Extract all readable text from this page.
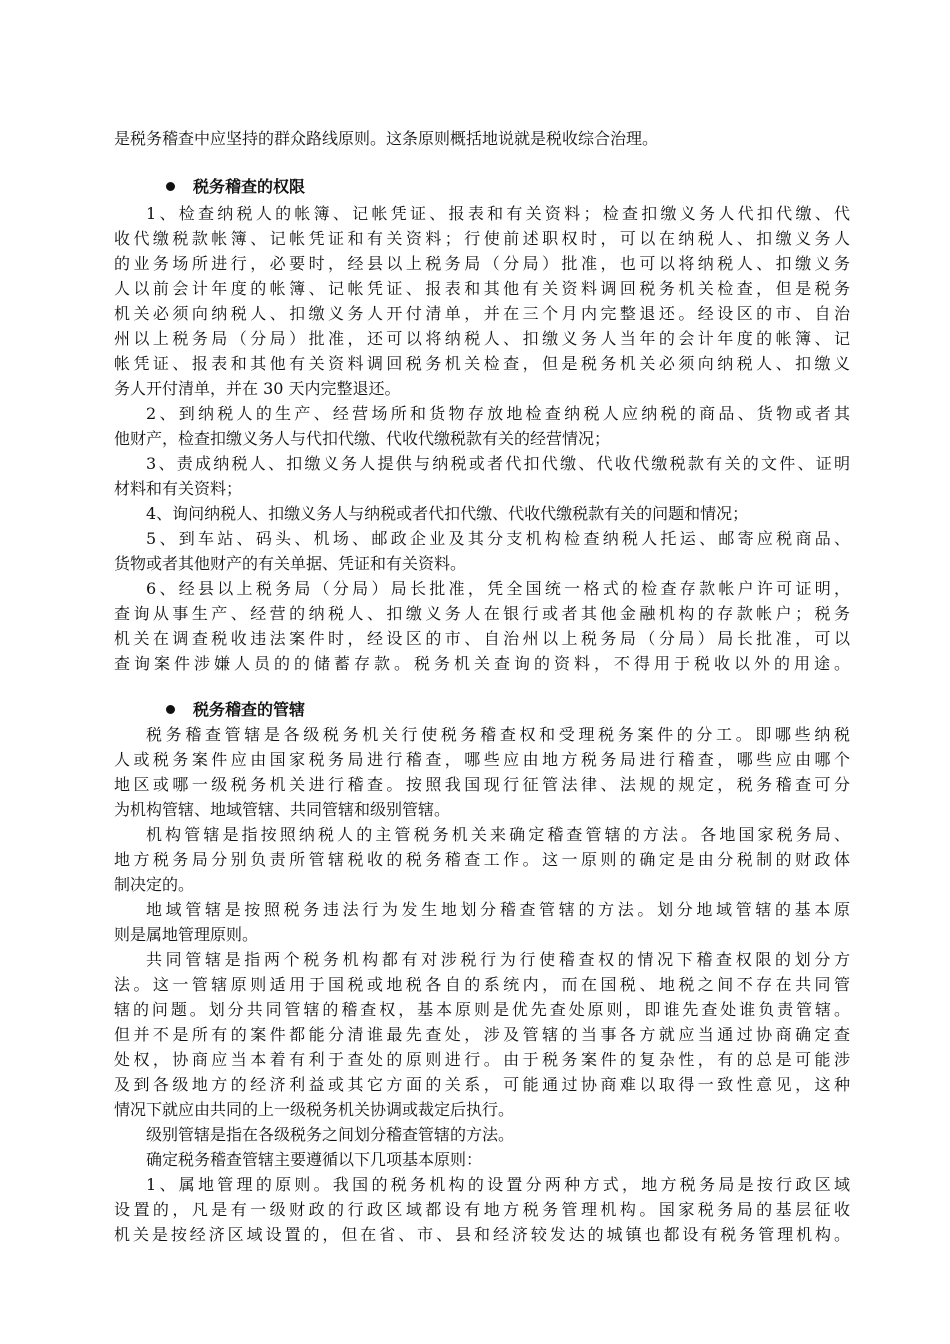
是税务稽查中应坚持的群众路线原则。这条原则概括地说就是税收综合治理。
税务稽查的权限
1、检查纳税人的帐簿、记帐凭证、报表和有关资料；检查扣缴义务人代扣代缴、代
收代缴税款帐簿、记帐凭证和有关资料；行使前述职权时，可以在纳税人、扣缴义务人
的业务场所进行，必要时，经县以上税务局（分局）批准，也可以将纳税人、扣缴义务
人以前会计年度的帐簿、记帐凭证、报表和其他有关资料调回税务机关检查，但是税务
机关必须向纳税人、扣缴义务人开付清单，并在三个月内完整退还。经设区的市、自治
州以上税务局（分局）批准，还可以将纳税人、扣缴义务人当年的会计年度的帐簿、记
帐凭证、报表和其他有关资料调回税务机关检查，但是税务机关必须向纳税人、扣缴义
务人开付清单，并在 30 天内完整退还。
2、到纳税人的生产、经营场所和货物存放地检查纳税人应纳税的商品、货物或者其
他财产，检查扣缴义务人与代扣代缴、代收代缴税款有关的经营情况；
3、责成纳税人、扣缴义务人提供与纳税或者代扣代缴、代收代缴税款有关的文件、证明
材料和有关资料；
4、询问纳税人、扣缴义务人与纳税或者代扣代缴、代收代缴税款有关的问题和情况；
5、到车站、码头、机场、邮政企业及其分支机构检查纳税人托运、邮寄应税商品、
货物或者其他财产的有关单据、凭证和有关资料。
6、经县以上税务局（分局）局长批准，凭全国统一格式的检查存款帐户许可证明，
查询从事生产、经营的纳税人、扣缴义务人在银行或者其他金融机构的存款帐户；税务
机关在调查税收违法案件时，经设区的市、自治州以上税务局（分局）局长批准，可以
查询案件涉嫌人员的的储蓄存款。税务机关查询的资料，不得用于税收以外的用途。
税务稽查的管辖
税务稽查管辖是各级税务机关行使税务稽查权和受理税务案件的分工。即哪些纳税
人或税务案件应由国家税务局进行稽查，哪些应由地方税务局进行稽查，哪些应由哪个
地区或哪一级税务机关进行稽查。按照我国现行征管法律、法规的规定，税务稽查可分
为机构管辖、地域管辖、共同管辖和级别管辖。
机构管辖是指按照纳税人的主管税务机关来确定稽查管辖的方法。各地国家税务局、
地方税务局分别负责所管辖税收的税务稽查工作。这一原则的确定是由分税制的财政体
制决定的。
地域管辖是按照税务违法行为发生地划分稽查管辖的方法。划分地域管辖的基本原
则是属地管理原则。
共同管辖是指两个税务机构都有对涉税行为行使稽查权的情况下稽查权限的划分方
法。这一管辖原则适用于国税或地税各自的系统内，而在国税、地税之间不存在共同管
辖的问题。划分共同管辖的稽查权，基本原则是优先查处原则，即谁先查处谁负责管辖。
但并不是所有的案件都能分清谁最先查处，涉及管辖的当事各方就应当通过协商确定查
处权，协商应当本着有利于查处的原则进行。由于税务案件的复杂性，有的总是可能涉
及到各级地方的经济利益或其它方面的关系，可能通过协商难以取得一致性意见，这种
情况下就应由共同的上一级税务机关协调或裁定后执行。
级别管辖是指在各级税务之间划分稽查管辖的方法。
确定税务稽查管辖主要遵循以下几项基本原则：
1、属地管理的原则。我国的税务机构的设置分两种方式，地方税务局是按行政区域
设置的，凡是有一级财政的行政区域都设有地方税务管理机构。国家税务局的基层征收
机关是按经济区域设置的，但在省、市、县和经济较发达的城镇也都设有税务管理机构。
